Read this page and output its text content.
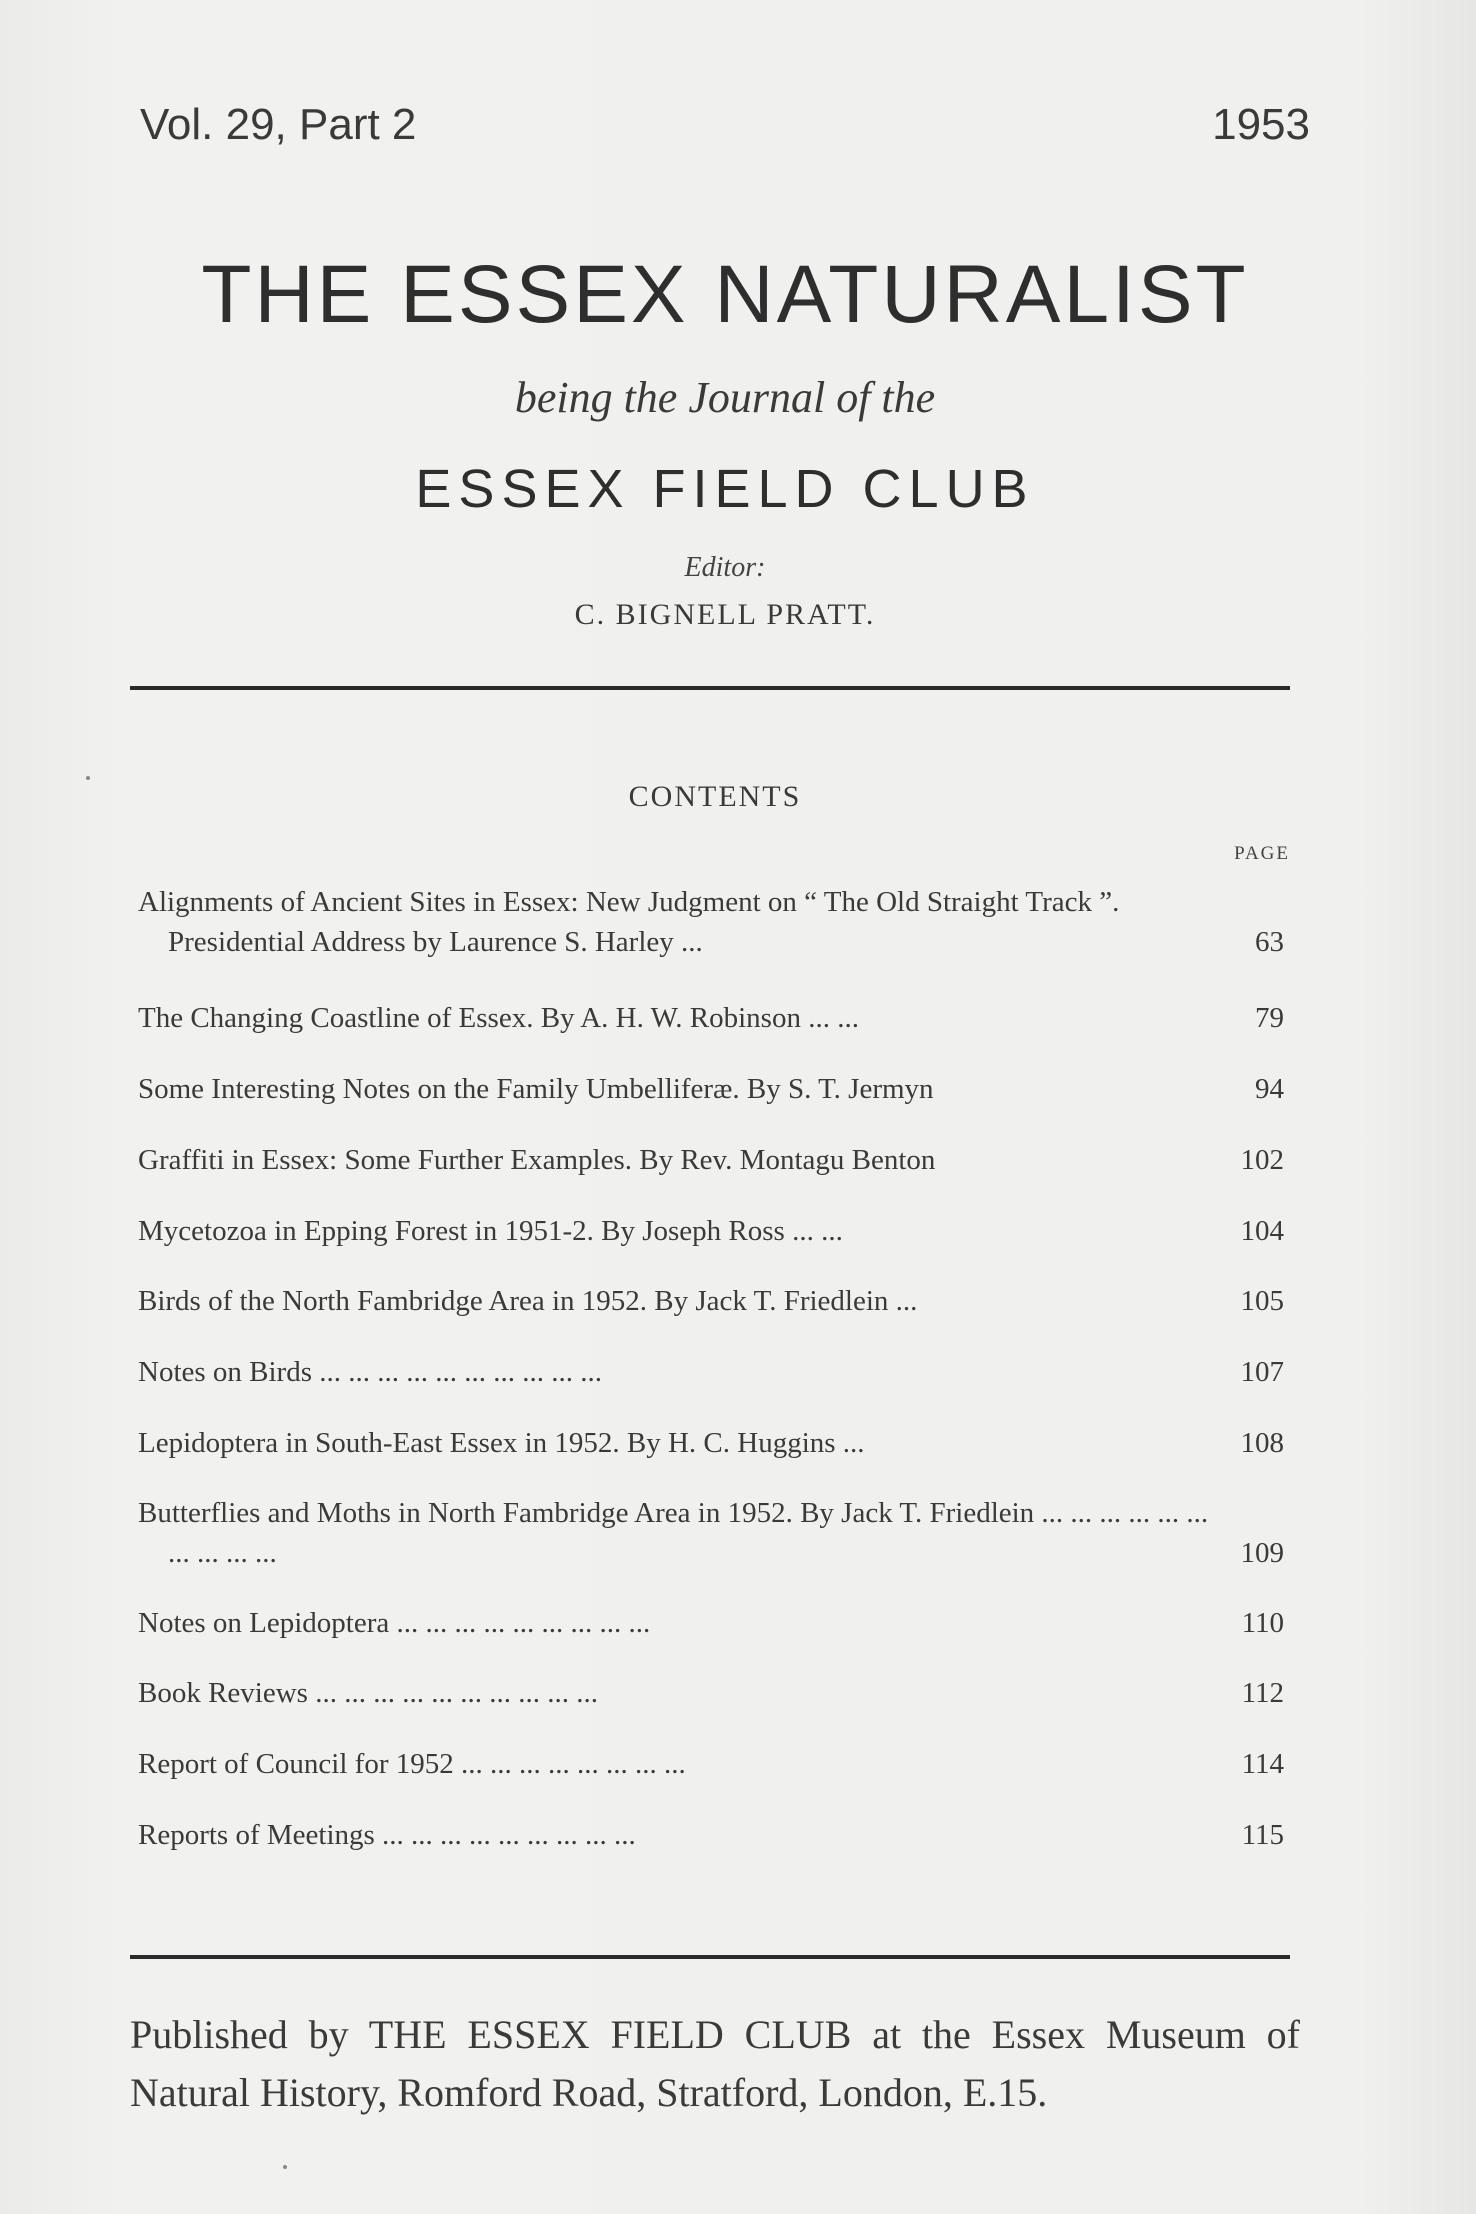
Vol. 29, Part 2	1953
THE ESSEX NATURALIST
being the Journal of the
ESSEX FIELD CLUB
Editor:
C. BIGNELL PRATT.
CONTENTS
PAGE
Alignments of Ancient Sites in Essex: New Judgment on “ The Old Straight Track ”. Presidential Address by Laurence S. Harley ...	63
The Changing Coastline of Essex. By A. H. W. Robinson ... ...	79
Some Interesting Notes on the Family Umbelliferæ. By S. T. Jermyn	94
Graffiti in Essex: Some Further Examples. By Rev. Montagu Benton	102
Mycetozoa in Epping Forest in 1951-2. By Joseph Ross ... ...	104
Birds of the North Fambridge Area in 1952. By Jack T. Friedlein ...	105
Notes on Birds ... ... ... ... ... ... ... ... ... ...	107
Lepidoptera in South-East Essex in 1952. By H. C. Huggins ...	108
Butterflies and Moths in North Fambridge Area in 1952. By Jack T. Friedlein ... ... ... ... ... ... ... ... ... ...	109
Notes on Lepidoptera ... ... ... ... ... ... ... ... ...	110
Book Reviews ... ... ... ... ... ... ... ... ... ...	112
Report of Council for 1952 ... ... ... ... ... ... ... ...	114
Reports of Meetings ... ... ... ... ... ... ... ... ...	115
Published by THE ESSEX FIELD CLUB at the Essex Museum of Natural History, Romford Road, Stratford, London, E.15.
